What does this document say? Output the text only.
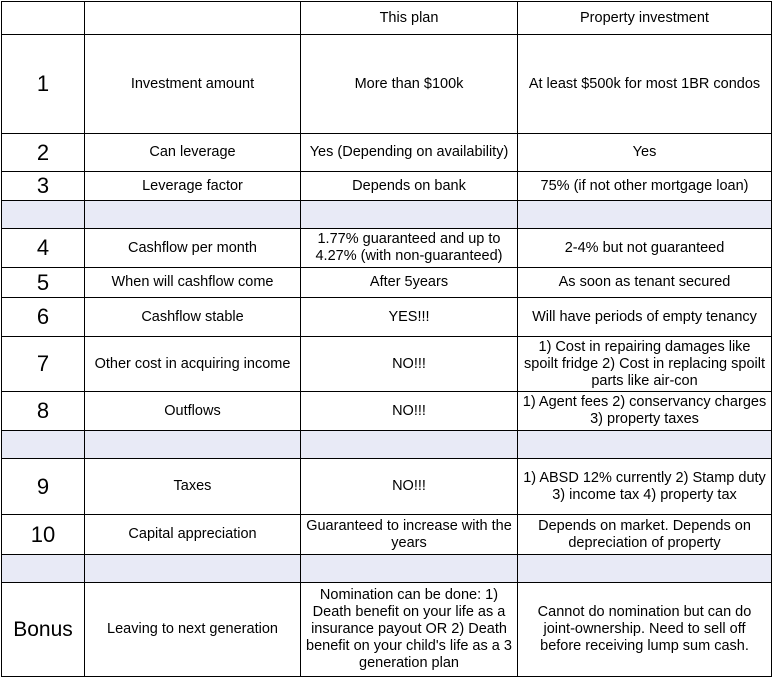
		This plan	Property investment
1	Investment amount	More than $100k	At least $500k for most 1BR condos
2	Can leverage	Yes (Depending on availability)	Yes
3	Leverage factor	Depends on bank	75% (if not other mortgage loan)

4	Cashflow per month	1.77% guaranteed and up to 4.27% (with non-guaranteed)	2-4% but not guaranteed
5	When will cashflow come	After 5years	As soon as tenant secured
6	Cashflow stable	YES!!!	Will have periods of empty tenancy
7	Other cost in acquiring income	NO!!!	1) Cost in repairing damages like spoilt fridge 2) Cost in replacing spoilt parts like air-con
8	Outflows	NO!!!	1) Agent fees 2) conservancy charges 3) property taxes

9	Taxes	NO!!!	1) ABSD 12% currently 2) Stamp duty 3) income tax 4) property tax
10	Capital appreciation	Guaranteed to increase with the years	Depends on market. Depends on depreciation of property

Bonus	Leaving to next generation	Nomination can be done: 1) Death benefit on your life as a insurance payout OR 2) Death benefit on your child's life as a 3 generation plan	Cannot do nomination but can do joint-ownership. Need to sell off before receiving lump sum cash.
